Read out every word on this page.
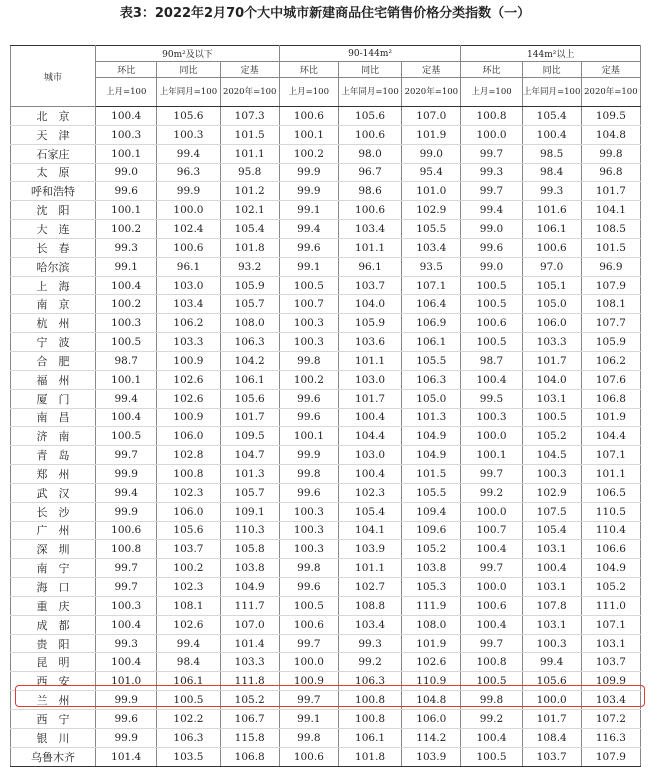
表3：2022年2月70个大中城市新建商品住宅销售价格分类指数（一）
城市	90m²及以下			90-144m²			144m²以上		
	环比	同比	定基	环比	同比	定基	环比	同比	定基
	上月=100	上年同月=100	2020年=100	上月=100	上年同月=100	2020年=100	上月=100	上年同月=100	2020年=100
北　京	100.4	105.6	107.3	100.6	105.6	107.0	100.8	105.4	109.5
天　津	100.3	100.3	101.5	100.1	100.6	101.9	100.0	100.4	104.8
石家庄	100.1	99.4	101.1	100.2	98.0	99.0	99.7	98.5	99.8
太　原	99.0	96.3	95.8	99.9	96.7	95.4	99.3	98.4	96.8
呼和浩特	99.6	99.9	101.2	99.9	98.6	101.0	99.7	99.3	101.7
沈　阳	100.1	100.0	102.1	99.1	100.6	102.9	99.4	101.6	104.1
大　连	100.2	102.4	105.4	99.4	103.4	105.5	99.0	106.1	108.5
长　春	99.3	100.6	101.8	99.6	101.1	103.4	99.6	100.6	101.5
哈尔滨	99.1	96.1	93.2	99.1	96.1	93.5	99.0	97.0	96.9
上　海	100.4	103.0	105.9	100.5	103.7	107.1	100.5	105.1	107.9
南　京	100.2	103.4	105.7	100.7	104.0	106.4	100.5	105.0	108.1
杭　州	100.3	106.2	108.0	100.3	105.9	106.9	100.6	106.0	107.7
宁　波	100.5	103.3	106.3	100.3	103.6	106.1	100.5	103.3	105.9
合　肥	98.7	100.9	104.2	99.8	101.1	105.5	98.7	101.7	106.2
福　州	100.1	102.6	106.1	100.2	103.0	106.3	100.4	104.0	107.6
厦　门	99.4	102.6	105.6	99.6	101.7	105.0	99.5	103.1	106.8
南　昌	100.4	100.9	101.7	99.6	100.4	101.3	100.3	100.5	101.9
济　南	100.5	106.0	109.5	100.1	104.4	104.9	100.0	105.2	104.4
青　岛	99.7	102.8	104.7	99.9	103.0	104.9	100.1	104.5	107.1
郑　州	99.9	100.8	101.3	99.8	100.4	101.5	99.7	100.3	101.1
武　汉	99.4	102.3	105.7	99.6	102.3	105.5	99.2	102.9	106.5
长　沙	99.9	106.0	109.1	100.3	105.4	109.4	100.0	107.5	110.5
广　州	100.6	105.6	110.3	100.3	104.1	109.6	100.7	105.4	110.4
深　圳	100.8	103.7	105.8	100.3	103.9	105.2	100.4	103.1	106.6
南　宁	99.7	100.2	103.8	99.8	101.1	103.8	99.7	100.4	104.9
海　口	99.7	102.3	104.9	99.6	102.7	105.3	100.0	103.1	105.2
重　庆	100.3	108.1	111.7	100.5	108.8	111.9	100.6	107.8	111.0
成　都	100.4	102.6	107.0	100.6	103.4	108.0	100.4	103.1	107.1
贵　阳	99.3	99.4	101.4	99.7	99.3	101.9	99.7	100.3	103.1
昆　明	100.4	98.4	103.3	100.0	99.2	102.6	100.8	99.4	103.7
西　安	101.0	106.1	111.8	100.9	106.3	110.9	100.5	105.6	109.9
兰　州	99.9	100.5	105.2	99.7	100.8	104.8	99.8	100.0	103.4
西　宁	99.6	102.2	106.7	99.1	100.8	106.0	99.2	101.7	107.2
银　川	99.9	106.3	115.8	99.8	106.1	114.2	100.4	108.4	116.3
乌鲁木齐	101.4	103.5	106.8	100.6	101.8	103.9	100.5	103.7	107.9
